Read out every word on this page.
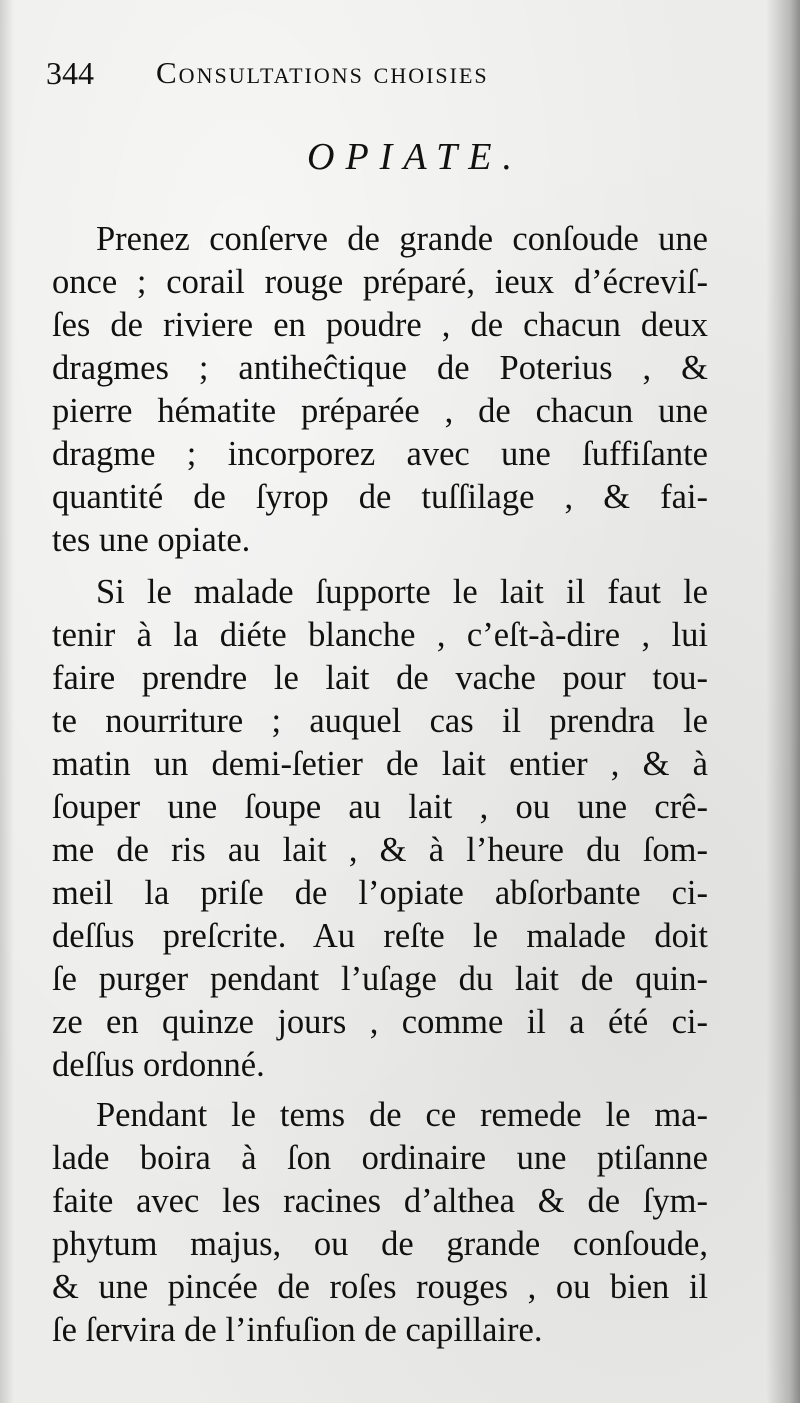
344 Consultations choisies
OPIATE.
Prenez conſerve de grande conſoude une
once ; corail rouge préparé, ieux d’écreviſ-
ſes de riviere en poudre , de chacun deux
dragmes ; antiheĉtique de Poterius , &
pierre hématite préparée , de chacun une
dragme ; incorporez avec une ſuffiſante
quantité de ſyrop de tuſſilage , & fai-
tes une opiate.
Si le malade ſupporte le lait il faut le
tenir à la diéte blanche , c’eſt-à-dire , lui
faire prendre le lait de vache pour tou-
te nourriture ; auquel cas il prendra le
matin un demi-ſetier de lait entier , & à
ſouper une ſoupe au lait , ou une crê-
me de ris au lait , & à l’heure du ſom-
meil la priſe de l’opiate abſorbante ci-
deſſus preſcrite. Au reſte le malade doit
ſe purger pendant l’uſage du lait de quin-
ze en quinze jours , comme il a été ci-
deſſus ordonné.
Pendant le tems de ce remede le ma-
lade boira à ſon ordinaire une ptiſanne
faite avec les racines d’althea & de ſym-
phytum majus, ou de grande conſoude,
& une pincée de roſes rouges , ou bien il
ſe ſervira de l’infuſion de capillaire.
